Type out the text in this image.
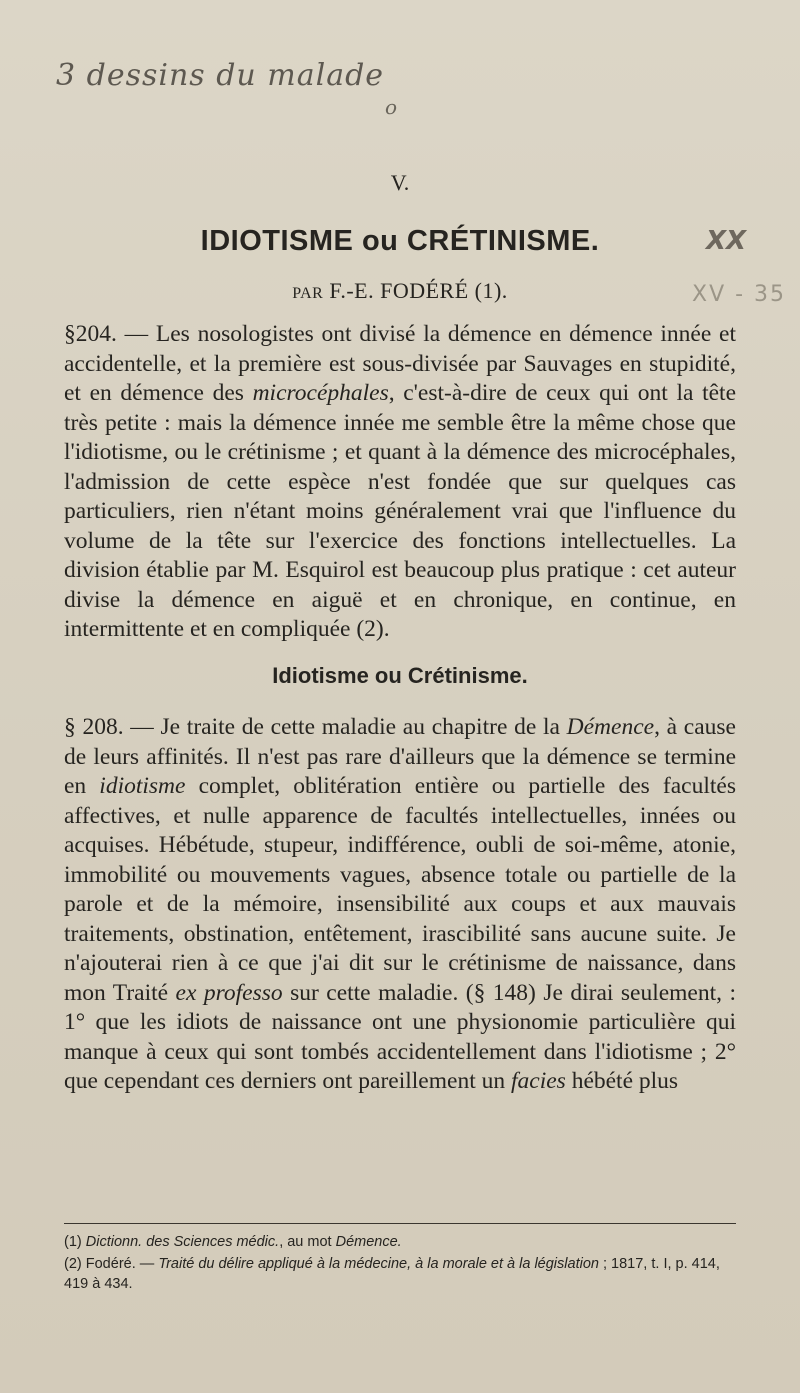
3 dessins du malade
o
V.
IDIOTISME ou CRÉTINISME.
PAR F.-E. FODÉRÉ (1).
XX
XV - 35
§204. — Les nosologistes ont divisé la démence en démence innée et accidentelle, et la première est sous-divisée par Sauvages en stupidité, et en démence des microcéphales, c'est-à-dire de ceux qui ont la tête très petite : mais la démence innée me semble être la même chose que l'idiotisme, ou le crétinisme ; et quant à la démence des microcéphales, l'admission de cette espèce n'est fondée que sur quelques cas particuliers, rien n'étant moins généralement vrai que l'influence du volume de la tête sur l'exercice des fonctions intellectuelles. La division établie par M. Esquirol est beaucoup plus pratique : cet auteur divise la démence en aiguë et en chronique, en continue, en intermittente et en compliquée (2).
Idiotisme ou Crétinisme.
§ 208. — Je traite de cette maladie au chapitre de la Démence, à cause de leurs affinités. Il n'est pas rare d'ailleurs que la démence se termine en idiotisme complet, oblitération entière ou partielle des facultés affectives, et nulle apparence de facultés intellectuelles, innées ou acquises. Hébétude, stupeur, indifférence, oubli de soi-même, atonie, immobilité ou mouvements vagues, absence totale ou partielle de la parole et de la mémoire, insensibilité aux coups et aux mauvais traitements, obstination, entêtement, irascibilité sans aucune suite. Je n'ajouterai rien à ce que j'ai dit sur le crétinisme de naissance, dans mon Traité ex professo sur cette maladie. (§ 148) Je dirai seulement, : 1° que les idiots de naissance ont une physionomie particulière qui manque à ceux qui sont tombés accidentellement dans l'idiotisme ; 2° que cependant ces derniers ont pareillement un facies hébété plus

(1) Dictionn. des Sciences médic., au mot Démence.

(2) Fodéré. — Traité du délire appliqué à la médecine, à la morale et à la législation ; 1817, t. I, p. 414, 419 à 434.
